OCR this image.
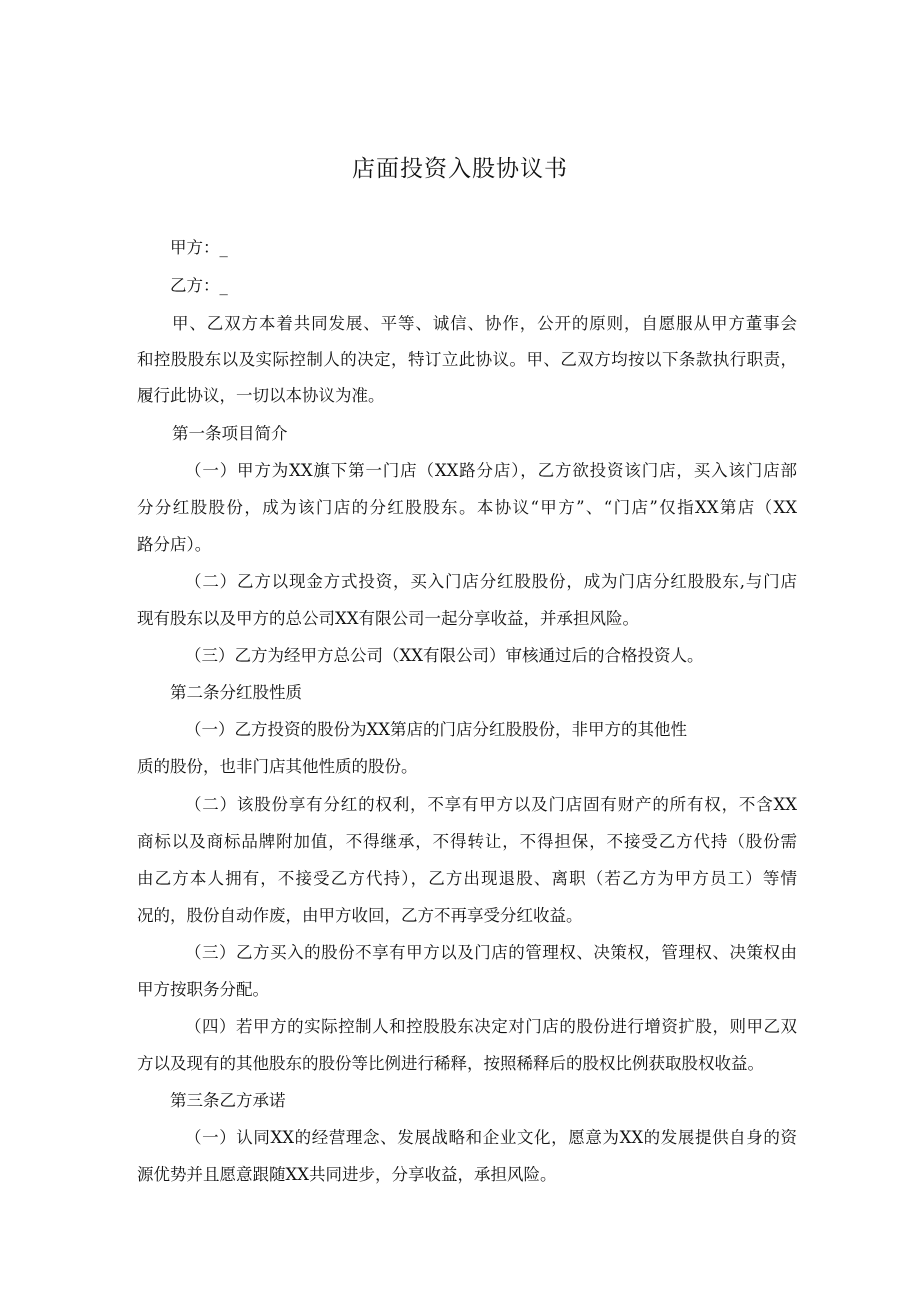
店面投资入股协议书
甲方：_
乙方：_
甲、乙双方本着共同发展、平等、诚信、协作，公开的原则，自愿服从甲方董事会
和控股股东以及实际控制人的决定，特订立此协议。甲、乙双方均按以下条款执行职责，
履行此协议，一切以本协议为准。
第一条项目简介
（一）甲方为XX旗下第一门店（XX路分店），乙方欲投资该门店，买入该门店部
分分红股股份，成为该门店的分红股股东。本协议“甲方”、“门店”仅指XX第店（XX
路分店）。
（二）乙方以现金方式投资，买入门店分红股股份，成为门店分红股股东,与门店
现有股东以及甲方的总公司XX有限公司一起分享收益，并承担风险。
（三）乙方为经甲方总公司（XX有限公司）审核通过后的合格投资人。
第二条分红股性质
（一）乙方投资的股份为XX第店的门店分红股股份，非甲方的其他性
质的股份，也非门店其他性质的股份。
（二）该股份享有分红的权利，不享有甲方以及门店固有财产的所有权，不含XX
商标以及商标品牌附加值，不得继承，不得转让，不得担保，不接受乙方代持（股份需
由乙方本人拥有，不接受乙方代持），乙方出现退股、离职（若乙方为甲方员工）等情
况的，股份自动作废，由甲方收回，乙方不再享受分红收益。
（三）乙方买入的股份不享有甲方以及门店的管理权、决策权，管理权、决策权由
甲方按职务分配。
（四）若甲方的实际控制人和控股股东决定对门店的股份进行增资扩股，则甲乙双
方以及现有的其他股东的股份等比例进行稀释，按照稀释后的股权比例获取股权收益。
第三条乙方承诺
（一）认同XX的经营理念、发展战略和企业文化，愿意为XX的发展提供自身的资
源优势并且愿意跟随XX共同进步，分享收益，承担风险。
